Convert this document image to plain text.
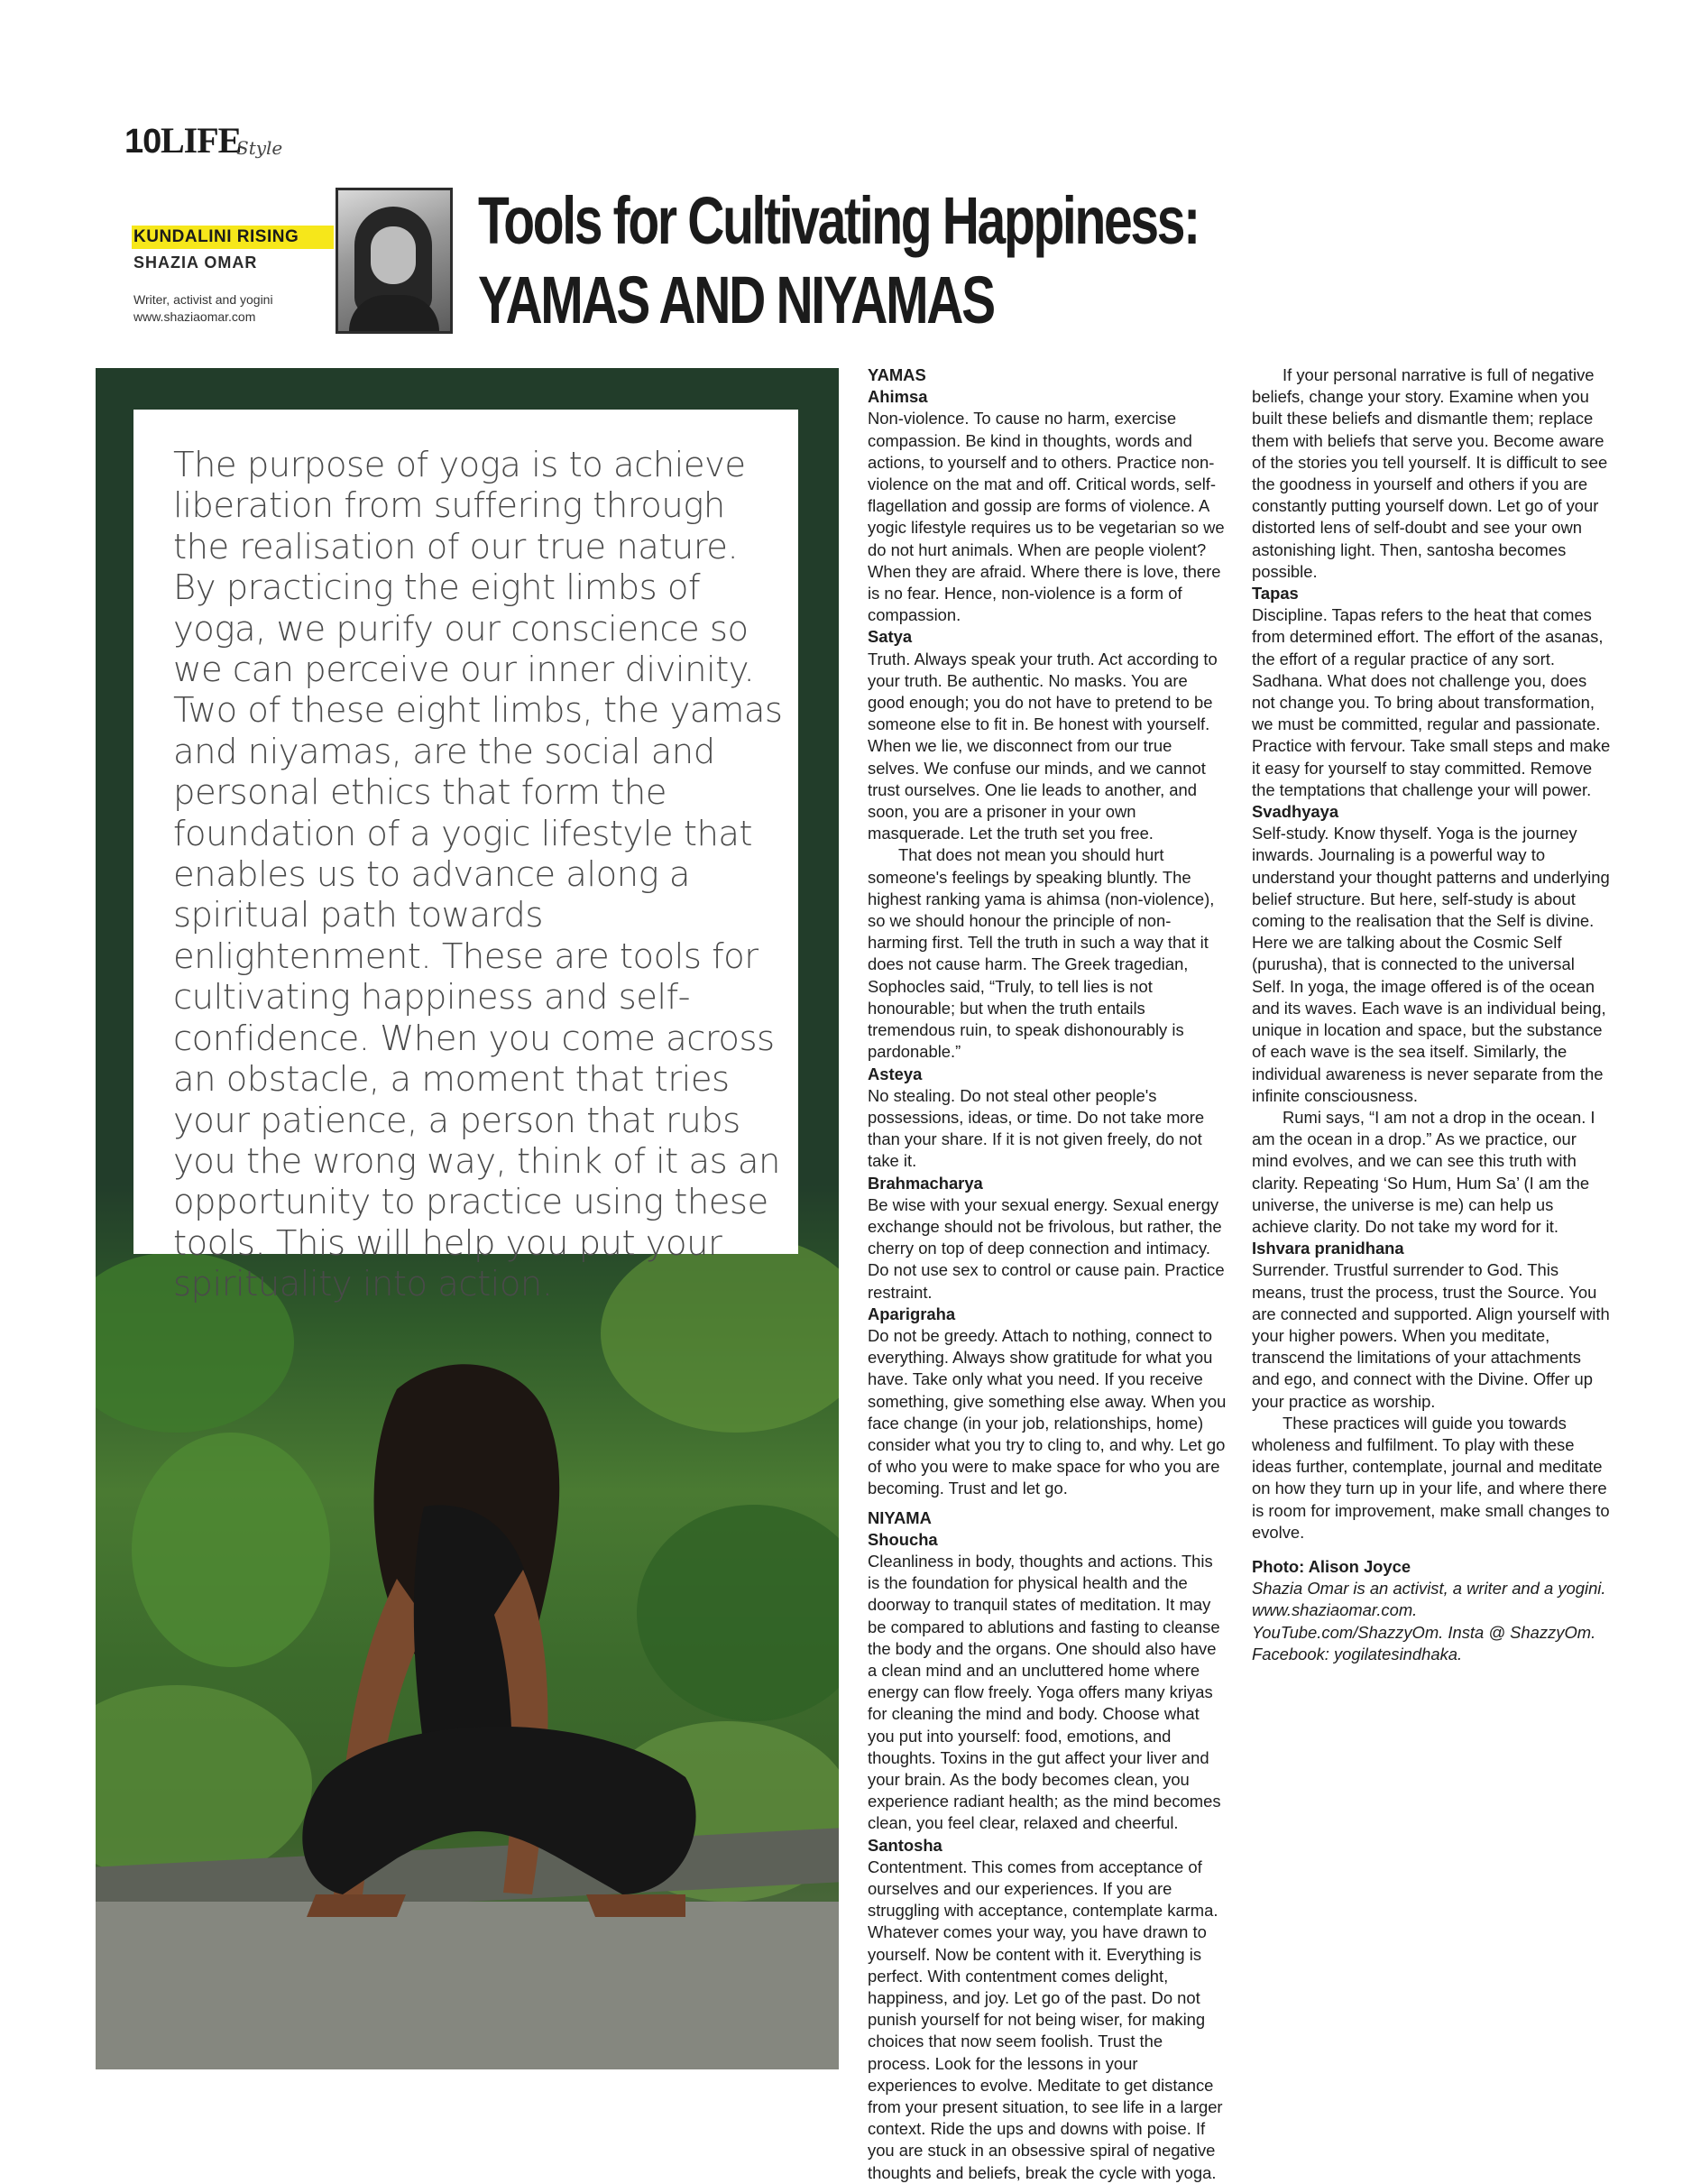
10 LIFE
Style
KUNDALINI RISING
SHAZIA OMAR
Writer, activist and yogini
www.shaziaomar.com
Tools for Cultivating Happiness:
YAMAS AND NIYAMAS

The purpose of yoga is to achieve liberation from suffering through the realisation of our true nature. By practicing the eight limbs of yoga, we purify our conscience so we can perceive our inner divinity. Two of these eight limbs, the yamas and niyamas, are the social and personal ethics that form the foundation of a yogic lifestyle that enables us to advance along a spiritual path towards enlightenment. These are tools for cultivating happiness and self-confidence. When you come across an obstacle, a moment that tries your patience, a person that rubs you the wrong way, think of it as an opportunity to practice using these tools. This will help you put your spirituality into action.

YAMAS

Ahimsa

Non-violence. To cause no harm, exercise compassion. Be kind in thoughts, words and actions, to yourself and to others. Practice non-violence on the mat and off. Critical words, self-flagellation and gossip are forms of violence. A yogic lifestyle requires us to be vegetarian so we do not hurt animals. When are people violent? When they are afraid. Where there is love, there is no fear. Hence, non-violence is a form of compassion.

Satya

Truth. Always speak your truth. Act according to your truth. Be authentic. No masks. You are good enough; you do not have to pretend to be someone else to fit in. Be honest with yourself. When we lie, we disconnect from our true selves. We confuse our minds, and we cannot trust ourselves. One lie leads to another, and soon, you are a prisoner in your own masquerade. Let the truth set you free.

That does not mean you should hurt someone's feelings by speaking bluntly. The highest ranking yama is ahimsa (non-violence), so we should honour the principle of non-harming first. Tell the truth in such a way that it does not cause harm. The Greek tragedian, Sophocles said, “Truly, to tell lies is not honourable; but when the truth entails tremendous ruin, to speak dishonourably is pardonable.”

Asteya

No stealing. Do not steal other people's possessions, ideas, or time. Do not take more than your share. If it is not given freely, do not take it.

Brahmacharya

Be wise with your sexual energy. Sexual energy exchange should not be frivolous, but rather, the cherry on top of deep connection and intimacy. Do not use sex to control or cause pain. Practice restraint.

Aparigraha

Do not be greedy. Attach to nothing, connect to everything. Always show gratitude for what you have. Take only what you need. If you receive something, give something else away. When you face change (in your job, relationships, home) consider what you try to cling to, and why. Let go of who you were to make space for who you are becoming. Trust and let go.

NIYAMA

Shoucha

Cleanliness in body, thoughts and actions. This is the foundation for physical health and the doorway to tranquil states of meditation. It may be compared to ablutions and fasting to cleanse the body and the organs. One should also have a clean mind and an uncluttered home where energy can flow freely. Yoga offers many kriyas for cleaning the mind and body. Choose what you put into yourself: food, emotions, and thoughts. Toxins in the gut affect your liver and your brain. As the body becomes clean, you experience radiant health; as the mind becomes clean, you feel clear, relaxed and cheerful.

Santosha

Contentment. This comes from acceptance of ourselves and our experiences. If you are struggling with acceptance, contemplate karma. Whatever comes your way, you have drawn to yourself. Now be content with it. Everything is perfect. With contentment comes delight, happiness, and joy. Let go of the past. Do not punish yourself for not being wiser, for making choices that now seem foolish. Trust the process. Look for the lessons in your experiences to evolve. Meditate to get distance from your present situation, to see life in a larger context. Ride the ups and downs with poise. If you are stuck in an obsessive spiral of negative thoughts and beliefs, break the cycle with yoga.

If your personal narrative is full of negative beliefs, change your story. Examine when you built these beliefs and dismantle them; replace them with beliefs that serve you. Become aware of the stories you tell yourself. It is difficult to see the goodness in yourself and others if you are constantly putting yourself down. Let go of your distorted lens of self-doubt and see your own astonishing light. Then, santosha becomes possible.

Tapas

Discipline. Tapas refers to the heat that comes from determined effort. The effort of the asanas, the effort of a regular practice of any sort. Sadhana. What does not challenge you, does not change you. To bring about transformation, we must be committed, regular and passionate. Practice with fervour. Take small steps and make it easy for yourself to stay committed. Remove the temptations that challenge your will power.

Svadhyaya

Self-study. Know thyself. Yoga is the journey inwards. Journaling is a powerful way to understand your thought patterns and underlying belief structure. But here, self-study is about coming to the realisation that the Self is divine. Here we are talking about the Cosmic Self (purusha), that is connected to the universal Self. In yoga, the image offered is of the ocean and its waves. Each wave is an individual being, unique in location and space, but the substance of each wave is the sea itself. Similarly, the individual awareness is never separate from the infinite consciousness.

Rumi says, “I am not a drop in the ocean. I am the ocean in a drop.” As we practice, our mind evolves, and we can see this truth with clarity. Repeating ‘So Hum, Hum Sa’ (I am the universe, the universe is me) can help us achieve clarity. Do not take my word for it.

Ishvara pranidhana

Surrender. Trustful surrender to God. This means, trust the process, trust the Source. You are connected and supported. Align yourself with your higher powers. When you meditate, transcend the limitations of your attachments and ego, and connect with the Divine. Offer up your practice as worship.

These practices will guide you towards wholeness and fulfilment. To play with these ideas further, contemplate, journal and meditate on how they turn up in your life, and where there is room for improvement, make small changes to evolve.

Photo: Alison Joyce

Shazia Omar is an activist, a writer and a yogini. www.shaziaomar.com. YouTube.com/ShazzyOm. Insta @ ShazzyOm. Facebook: yogilatesindhaka.
